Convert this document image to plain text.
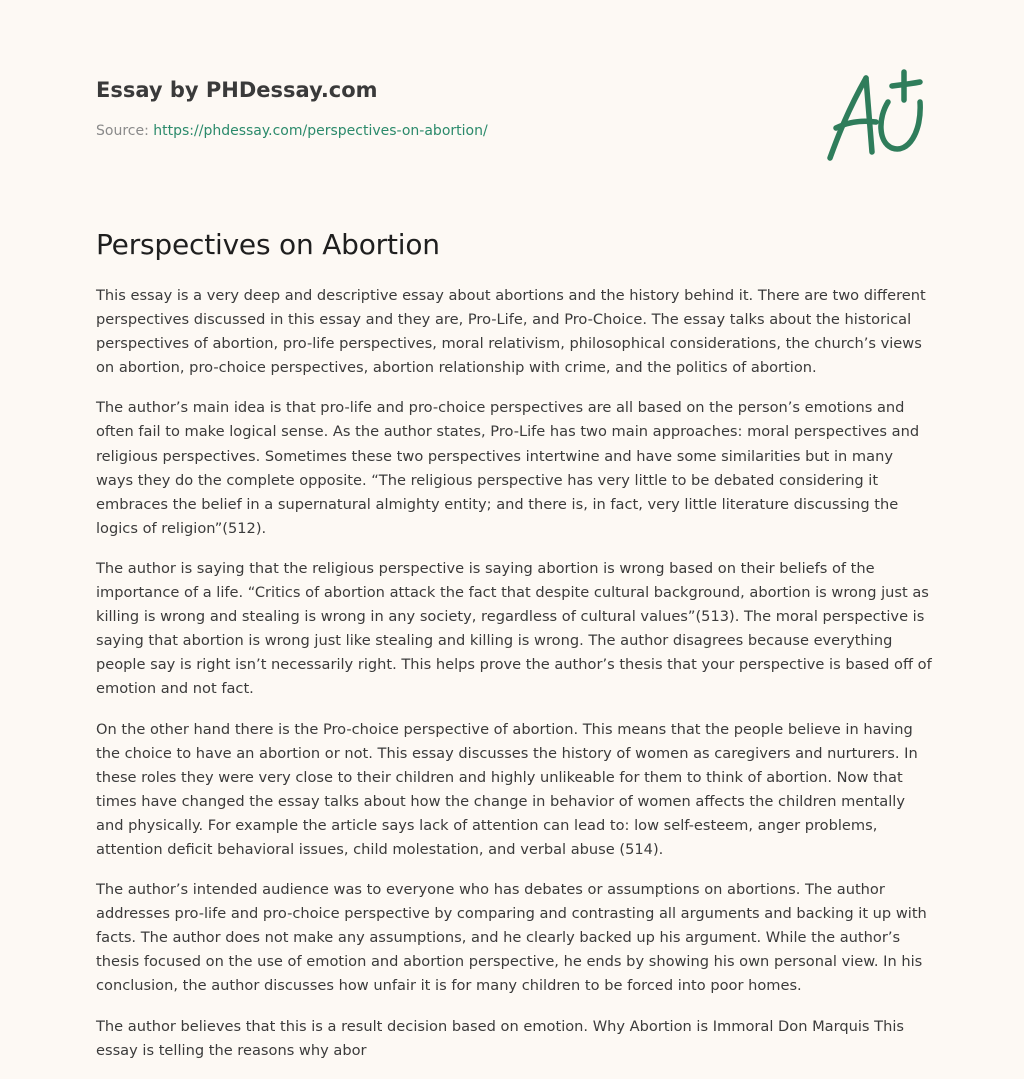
Essay by PHDessay.com
Source: https://phdessay.com/perspectives-on-abortion/
Perspectives on Abortion

This essay is a very deep and descriptive essay about abortions and the history behind it. There are two different perspectives discussed in this essay and they are, Pro-Life, and Pro-Choice. The essay talks about the historical perspectives of abortion, pro-life perspectives, moral relativism, philosophical considerations, the church’s views on abortion, pro-choice perspectives, abortion relationship with crime, and the politics of abortion.

The author’s main idea is that pro-life and pro-choice perspectives are all based on the person’s emotions and often fail to make logical sense. As the author states, Pro-Life has two main approaches: moral perspectives and religious perspectives. Sometimes these two perspectives intertwine and have some similarities but in many ways they do the complete opposite. “The religious perspective has very little to be debated considering it embraces the belief in a supernatural almighty entity; and there is, in fact, very little literature discussing the logics of religion”(512).

The author is saying that the religious perspective is saying abortion is wrong based on their beliefs of the importance of a life. “Critics of abortion attack the fact that despite cultural background, abortion is wrong just as killing is wrong and stealing is wrong in any society, regardless of cultural values”(513). The moral perspective is saying that abortion is wrong just like stealing and killing is wrong. The author disagrees because everything people say is right isn’t necessarily right. This helps prove the author’s thesis that your perspective is based off of emotion and not fact.

On the other hand there is the Pro-choice perspective of abortion. This means that the people believe in having the choice to have an abortion or not. This essay discusses the history of women as caregivers and nurturers. In these roles they were very close to their children and highly unlikeable for them to think of abortion. Now that times have changed the essay talks about how the change in behavior of women affects the children mentally and physically. For example the article says lack of attention can lead to: low self-esteem, anger problems, attention deficit behavioral issues, child molestation, and verbal abuse (514).

The author’s intended audience was to everyone who has debates or assumptions on abortions. The author addresses pro-life and pro-choice perspective by comparing and contrasting all arguments and backing it up with facts. The author does not make any assumptions, and he clearly backed up his argument. While the author’s thesis focused on the use of emotion and abortion perspective, he ends by showing his own personal view. In his conclusion, the author discusses how unfair it is for many children to be forced into poor homes.

The author believes that this is a result decision based on emotion. Why Abortion is Immoral Don Marquis This essay is telling the reasons why abor
